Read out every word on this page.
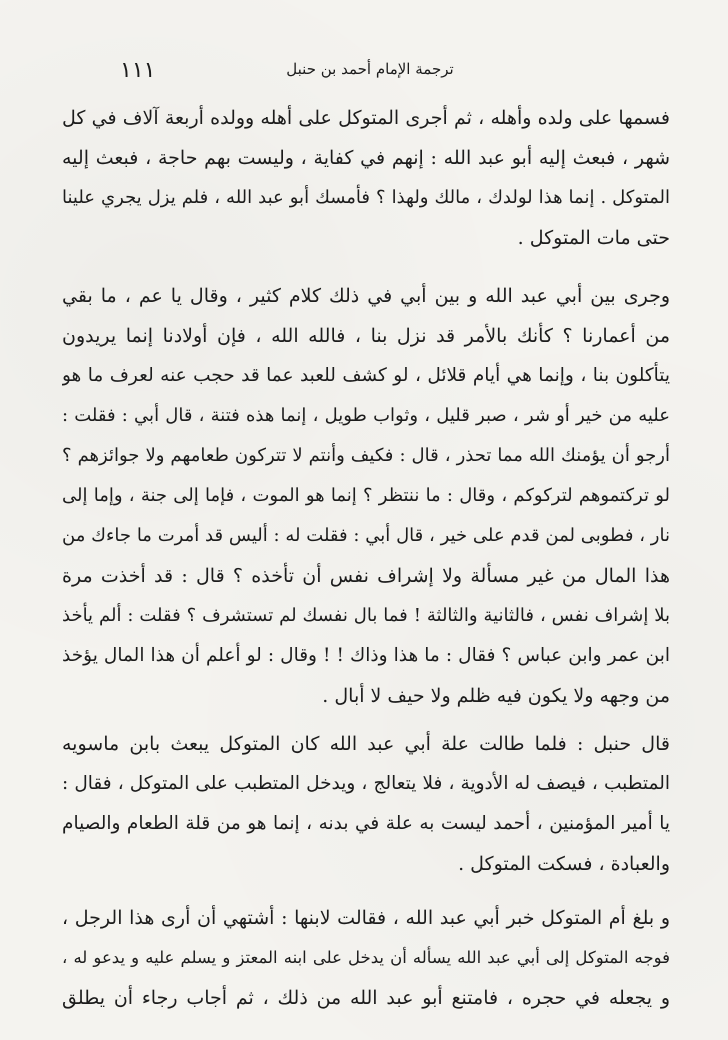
١١١	ترجمة الإمام أحمد بن حنبل
فسمها على ولده وأهله ، ثم أجرى المتوكل على أهله وولده أربعة آلاف في كل
شهر ، فبعث إليه أبو عبد الله : إنهم في كفاية ، وليست بهم حاجة ، فبعث إليه
المتوكل . إنما هذا لولدك ، مالك ولهذا ؟ فأمسك أبو عبد الله ، فلم يزل يجري علينا
حتى مات المتوكل .
وجرى بين أبي عبد الله و بين أبي في ذلك كلام كثير ، وقال يا عم ، ما بقي
من أعمارنا ؟ كأنك بالأمر قد نزل بنا ، فالله الله ، فإن أولادنا إنما يريدون
يتأكلون بنا ، وإنما هي أيام قلائل ، لو كشف للعبد عما قد حجب عنه لعرف ما هو
عليه من خير أو شر ، صبر قليل ، وثواب طويل ، إنما هذه فتنة ، قال أبي : فقلت :
أرجو أن يؤمنك الله مما تحذر ، قال : فكيف وأنتم لا تتركون طعامهم ولا جوائزهم ؟
لو تركتموهم لتركوكم ، وقال : ما ننتظر ؟ إنما هو الموت ، فإما إلى جنة ، وإما إلى
نار ، فطوبى لمن قدم على خير ، قال أبي : فقلت له : أليس قد أمرت ما جاءك من
هذا المال من غير مسألة ولا إشراف نفس أن تأخذه ؟ قال : قد أخذت مرة
بلا إشراف نفس ، فالثانية والثالثة ! فما بال نفسك لم تستشرف ؟ فقلت : ألم يأخذ
ابن عمر وابن عباس ؟ فقال : ما هذا وذاك ! ! وقال : لو أعلم أن هذا المال يؤخذ
من وجهه ولا يكون فيه ظلم ولا حيف لا أبال .
قال حنبل : فلما طالت علة أبي عبد الله كان المتوكل يبعث بابن ماسويه
المتطبب ، فيصف له الأدوية ، فلا يتعالج ، ويدخل المتطبب على المتوكل ، فقال :
يا أمير المؤمنين ، أحمد ليست به علة في بدنه ، إنما هو من قلة الطعام والصيام
والعبادة ، فسكت المتوكل .
و بلغ أم المتوكل خبر أبي عبد الله ، فقالت لابنها : أشتهي أن أرى هذا الرجل ،
فوجه المتوكل إلى أبي عبد الله يسأله أن يدخل على ابنه المعتز و يسلم عليه و يدعو له ،
و يجعله في حجره ، فامتنع أبو عبد الله من ذلك ، ثم أجاب رجاء أن يطلق
